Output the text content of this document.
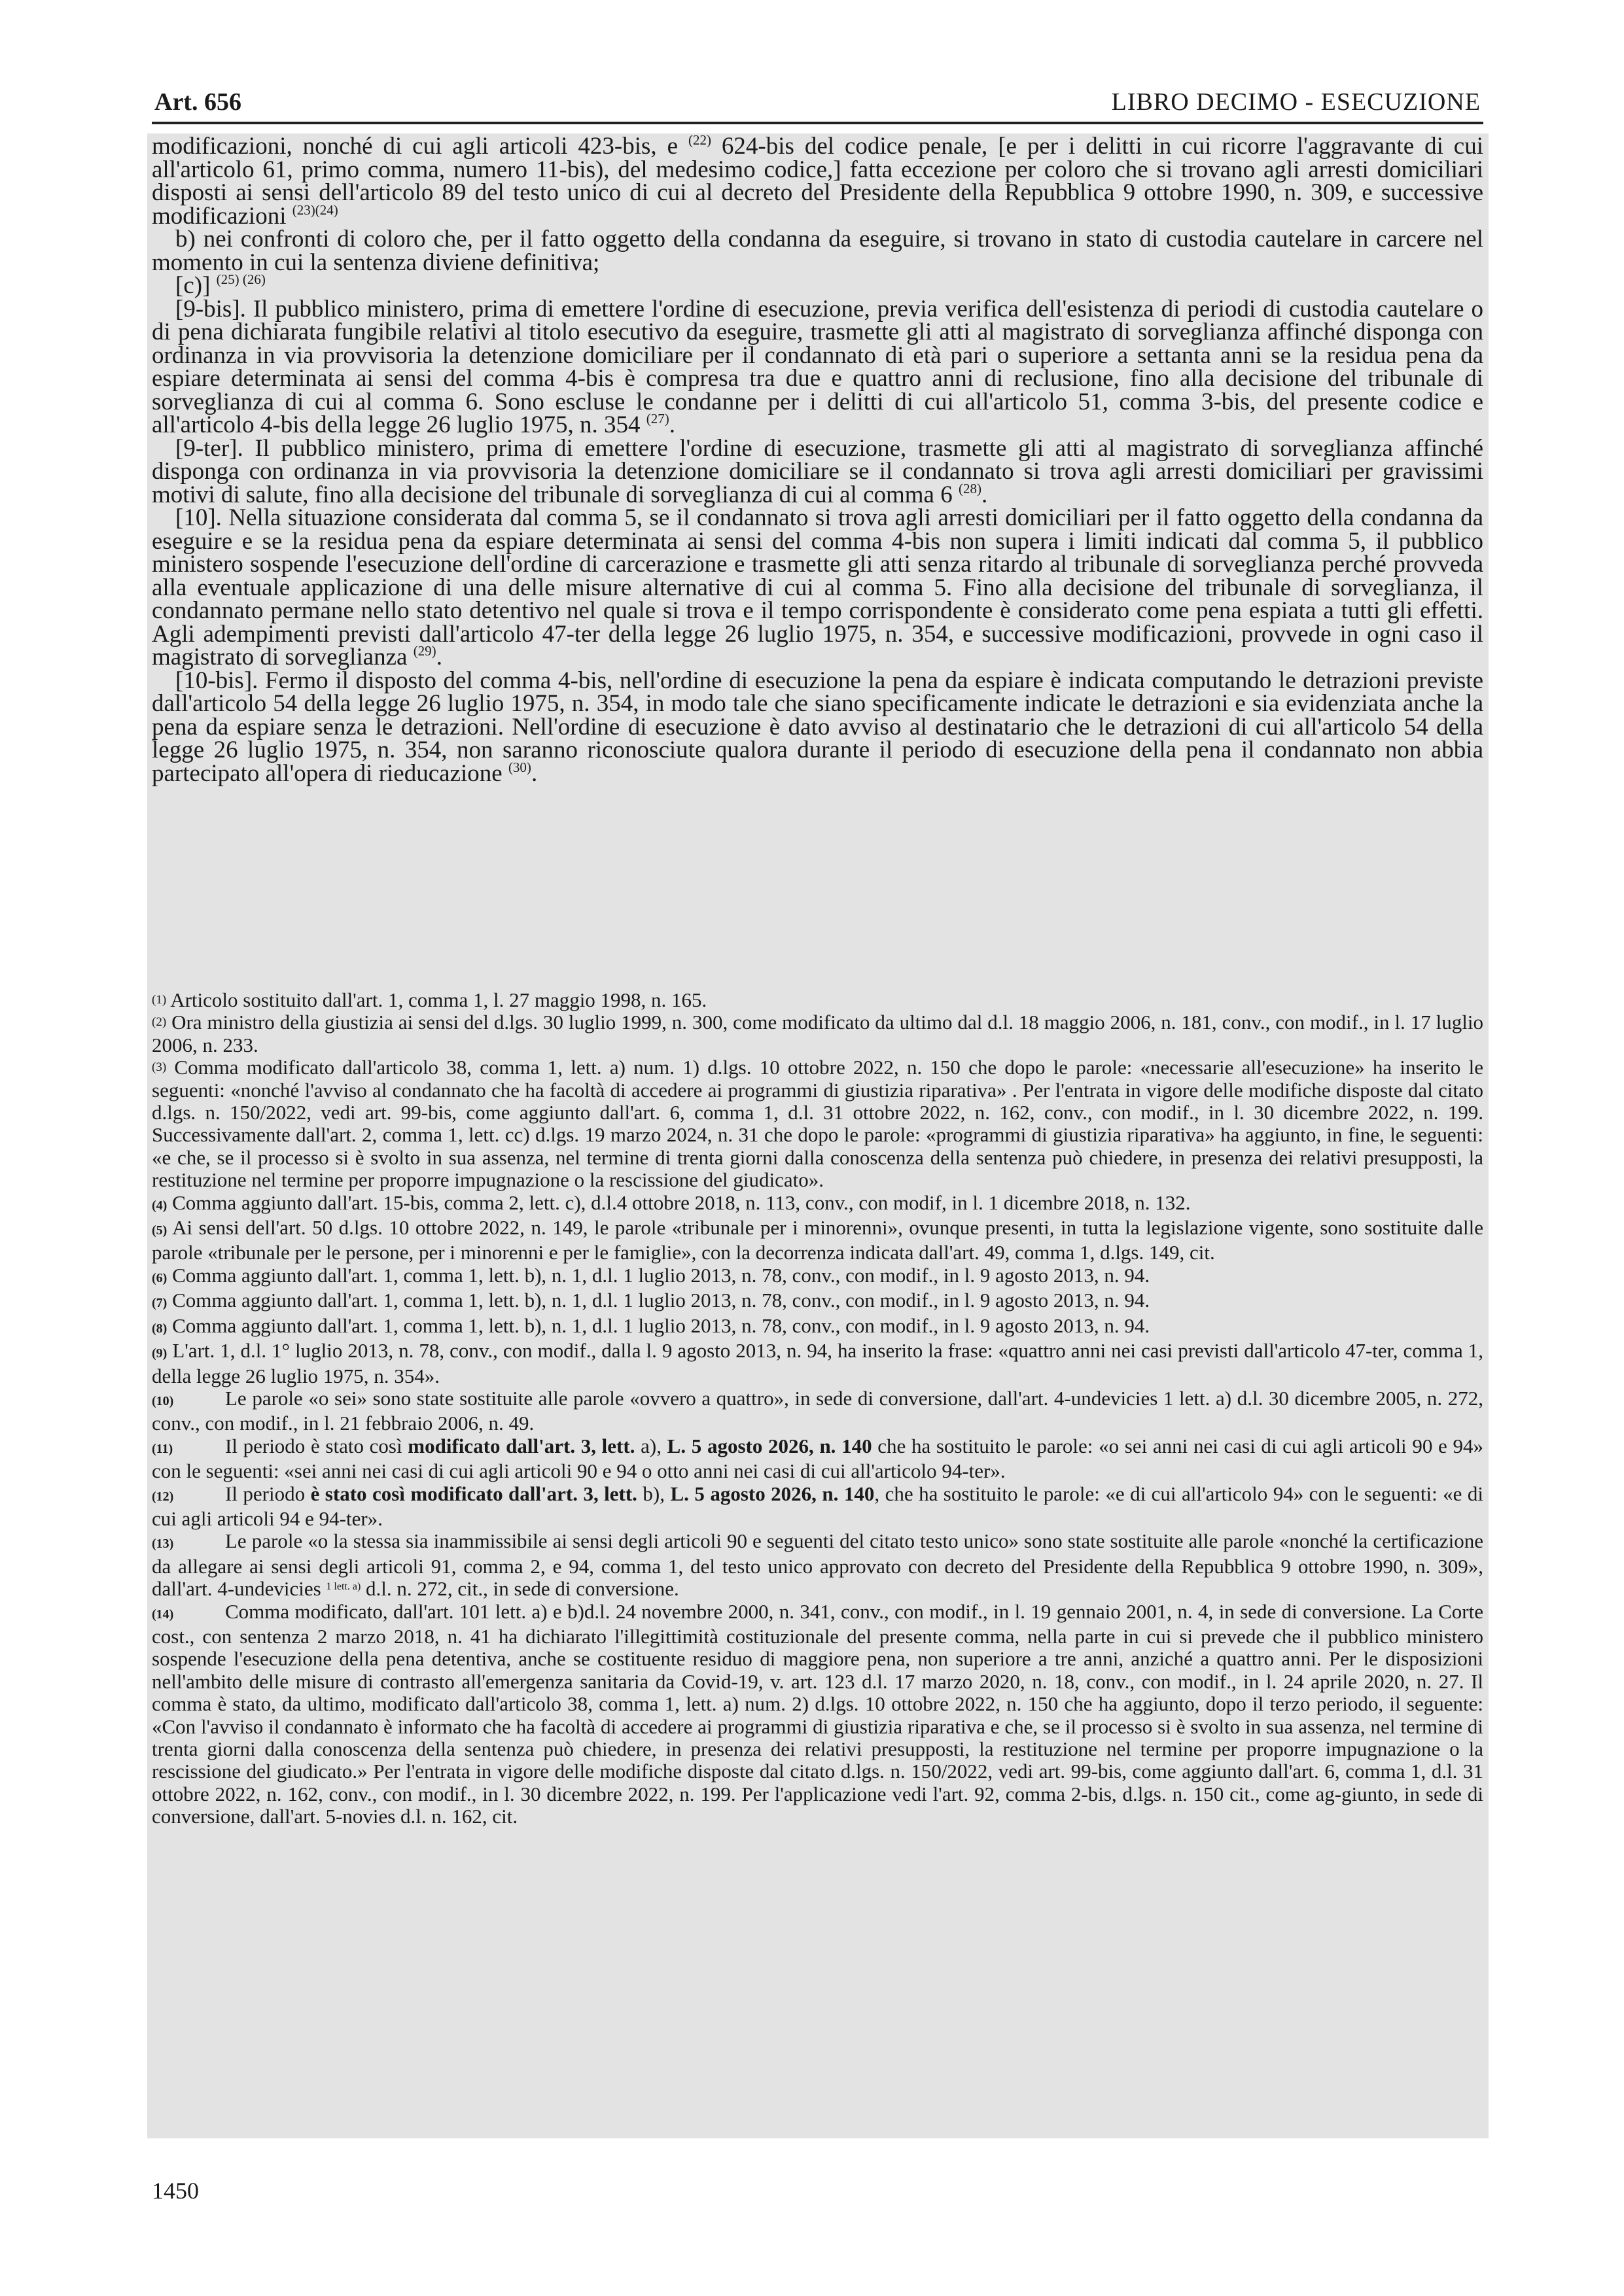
Art. 656	LIBRO DECIMO - ESECUZIONE

modificazioni, nonché di cui agli articoli 423-bis, e $^{(22)}$ 624-bis del codice penale, [e per i delitti in cui ricorre l'aggravante di cui all'articolo 61, primo comma, numero 11-bis), del medesimo codice,] fatta eccezione per coloro che si trovano agli arresti domiciliari disposti ai sensi dell'articolo 89 del testo unico di cui al decreto del Presidente della Repubblica 9 ottobre 1990, n. 309, e successive modificazioni $^{(23)(24)}$

b) nei confronti di coloro che, per il fatto oggetto della condanna da eseguire, si trovano in stato di custodia cautelare in carcere nel momento in cui la sentenza diviene definitiva;

[c)] $^{(25) (26)}$

[9-bis]. Il pubblico ministero, prima di emettere l'ordine di esecuzione, previa verifica dell'esistenza di periodi di custodia cautelare o di pena dichiarata fungibile relativi al titolo esecutivo da eseguire, trasmette gli atti al magistrato di sorveglianza affinché disponga con ordinanza in via provvisoria la detenzione domiciliare per il condannato di età pari o superiore a settanta anni se la residua pena da espiare determinata ai sensi del comma 4-bis è compresa tra due e quattro anni di reclusione, fino alla decisione del tribunale di sorveglianza di cui al comma 6. Sono escluse le condanne per i delitti di cui all'articolo 51, comma 3-bis, del presente codice e all'articolo 4-bis della legge 26 luglio 1975, n. 354 $^{(27)}$.

[9-ter]. Il pubblico ministero, prima di emettere l'ordine di esecuzione, trasmette gli atti al magistrato di sorveglianza affinché disponga con ordinanza in via provvisoria la detenzione domiciliare se il condannato si trova agli arresti domiciliari per gravissimi motivi di salute, fino alla decisione del tribunale di sorveglianza di cui al comma 6 $^{(28)}$.

[10]. Nella situazione considerata dal comma 5, se il condannato si trova agli arresti domiciliari per il fatto oggetto della condanna da eseguire e se la residua pena da espiare determinata ai sensi del comma 4-bis non supera i limiti indicati dal comma 5, il pubblico ministero sospende l'esecuzione dell'ordine di carcerazione e trasmette gli atti senza ritardo al tribunale di sorveglianza perché provveda alla eventuale applicazione di una delle misure alternative di cui al comma 5. Fino alla decisione del tribunale di sorveglianza, il condannato permane nello stato detentivo nel quale si trova e il tempo corrispondente è considerato come pena espiata a tutti gli effetti. Agli adempimenti previsti dall'articolo 47-ter della legge 26 luglio 1975, n. 354, e successive modificazioni, provvede in ogni caso il magistrato di sorveglianza $^{(29)}$.

[10-bis]. Fermo il disposto del comma 4-bis, nell'ordine di esecuzione la pena da espiare è indicata computando le detrazioni previste dall'articolo 54 della legge 26 luglio 1975, n. 354, in modo tale che siano specificamente indicate le detrazioni e sia evidenziata anche la pena da espiare senza le detrazioni. Nell'ordine di esecuzione è dato avviso al destinatario che le detrazioni di cui all'articolo 54 della legge 26 luglio 1975, n. 354, non saranno riconosciute qualora durante il periodo di esecuzione della pena il condannato non abbia partecipato all'opera di rieducazione $^{(30)}$.

(1) Articolo sostituito dall'art. 1, comma 1, l. 27 maggio 1998, n. 165.

(2) Ora ministro della giustizia ai sensi del d.lgs. 30 luglio 1999, n. 300, come modificato da ultimo dal d.l. 18 maggio 2006, n. 181, conv., con modif., in l. 17 luglio 2006, n. 233.

(3) Comma modificato dall'articolo 38, comma 1, lett. a) num. 1) d.lgs. 10 ottobre 2022, n. 150 che dopo le parole: «necessarie all'esecuzione» ha inserito le seguenti: «nonché l'avviso al condannato che ha facoltà di accedere ai programmi di giustizia riparativa» . Per l'entrata in vigore delle modifiche disposte dal citato d.lgs. n. 150/2022, vedi art. 99-bis, come aggiunto dall'art. 6, comma 1, d.l. 31 ottobre 2022, n. 162, conv., con modif., in l. 30 dicembre 2022, n. 199. Successivamente dall'art. 2, comma 1, lett. cc) d.lgs. 19 marzo 2024, n. 31 che dopo le parole: «programmi di giustizia riparativa» ha aggiunto, in fine, le seguenti: «e che, se il processo si è svolto in sua assenza, nel termine di trenta giorni dalla conoscenza della sentenza può chiedere, in presenza dei relativi presupposti, la restituzione nel termine per proporre impugnazione o la rescissione del giudicato».

(4) Comma aggiunto dall'art. 15-bis, comma 2, lett. c), d.l.4 ottobre 2018, n. 113, conv., con modif, in l. 1 dicembre 2018, n. 132.

(5) Ai sensi dell'art. 50 d.lgs. 10 ottobre 2022, n. 149, le parole «tribunale per i minorenni», ovunque presenti, in tutta la legislazione vigente, sono sostituite dalle parole «tribunale per le persone, per i minorenni e per le famiglie», con la decorrenza indicata dall'art. 49, comma 1, d.lgs. 149, cit.

(6) Comma aggiunto dall'art. 1, comma 1, lett. b), n. 1, d.l. 1 luglio 2013, n. 78, conv., con modif., in l. 9 agosto 2013, n. 94.

(7) Comma aggiunto dall'art. 1, comma 1, lett. b), n. 1, d.l. 1 luglio 2013, n. 78, conv., con modif., in l. 9 agosto 2013, n. 94.

(8) Comma aggiunto dall'art. 1, comma 1, lett. b), n. 1, d.l. 1 luglio 2013, n. 78, conv., con modif., in l. 9 agosto 2013, n. 94.

(9) L'art. 1, d.l. 1° luglio 2013, n. 78, conv., con modif., dalla l. 9 agosto 2013, n. 94, ha inserito la frase: «quattro anni nei casi previsti dall'articolo 47-ter, comma 1, della legge 26 luglio 1975, n. 354».

(10)	Le parole «o sei» sono state sostituite alle parole «ovvero a quattro», in sede di conversione, dall'art. 4-undevicies 1 lett. a) d.l. 30 dicembre 2005, n. 272, conv., con modif., in l. 21 febbraio 2006, n. 49.

(11)	Il periodo è stato così modificato dall'art. 3, lett. a), L. 5 agosto 2026, n. 140 che ha sostituito le parole: «o sei anni nei casi di cui agli articoli 90 e 94» con le seguenti: «sei anni nei casi di cui agli articoli 90 e 94 o otto anni nei casi di cui all'articolo 94-ter».

(12)	Il periodo è stato così modificato dall'art. 3, lett. b), L. 5 agosto 2026, n. 140, che ha sostituito le parole: «e di cui all'articolo 94» con le seguenti: «e di cui agli articoli 94 e 94-ter».

(13)	Le parole «o la stessa sia inammissibile ai sensi degli articoli 90 e seguenti del citato testo unico» sono state sostituite alle parole «nonché la certificazione da allegare ai sensi degli articoli 91, comma 2, e 94, comma 1, del testo unico approvato con decreto del Presidente della Repubblica 9 ottobre 1990, n. 309», dall'art. 4-undevicies $^{1 lett. a)}$ d.l. n. 272, cit., in sede di conversione.

(14)	Comma modificato, dall'art. 101 lett. a) e b)d.l. 24 novembre 2000, n. 341, conv., con modif., in l. 19 gennaio 2001, n. 4, in sede di conversione. La Corte cost., con sentenza 2 marzo 2018, n. 41 ha dichiarato l'illegittimità costituzionale del presente comma, nella parte in cui si prevede che il pubblico ministero sospende l'esecuzione della pena detentiva, anche se costituente residuo di maggiore pena, non superiore a tre anni, anziché a quattro anni. Per le disposizioni nell'ambito delle misure di contrasto all'emergenza sanitaria da Covid-19, v. art. 123 d.l. 17 marzo 2020, n. 18, conv., con modif., in l. 24 aprile 2020, n. 27. Il comma è stato, da ultimo, modificato dall'articolo 38, comma 1, lett. a) num. 2) d.lgs. 10 ottobre 2022, n. 150 che ha aggiunto, dopo il terzo periodo, il seguente: «Con l'avviso il condannato è informato che ha facoltà di accedere ai programmi di giustizia riparativa e che, se il processo si è svolto in sua assenza, nel termine di trenta giorni dalla conoscenza della sentenza può chiedere, in presenza dei relativi presupposti, la restituzione nel termine per proporre impugnazione o la rescissione del giudicato.» Per l'entrata in vigore delle modifiche disposte dal citato d.lgs. n. 150/2022, vedi art. 99-bis, come aggiunto dall'art. 6, comma 1, d.l. 31 ottobre 2022, n. 162, conv., con modif., in l. 30 dicembre 2022, n. 199. Per l'applicazione vedi l'art. 92, comma 2-bis, d.lgs. n. 150 cit., come ag-giunto, in sede di conversione, dall'art. 5-novies d.l. n. 162, cit.

1450
